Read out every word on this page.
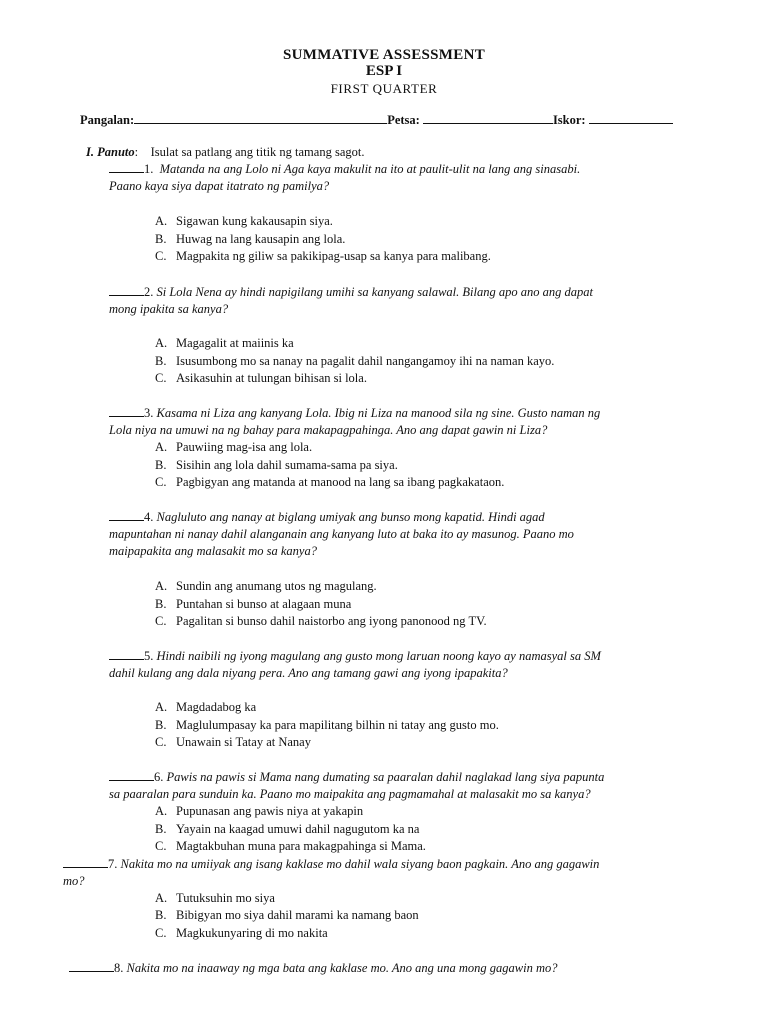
SUMMATIVE ASSESSMENT
ESP I
FIRST QUARTER
Pangalan:	Petsa:	Iskor:
I. Panuto: Isulat sa patlang ang titik ng tamang sagot.
1. Matanda na ang Lolo ni Aga kaya makulit na ito at paulit-ulit na lang ang sinasabi.
Paano kaya siya dapat itatrato ng pamilya?
A. Sigawan kung kakausapin siya.
B. Huwag na lang kausapin ang lola.
C. Magpakita ng giliw sa pakikipag-usap sa kanya para malibang.
2. Si Lola Nena ay hindi napigilang umihi sa kanyang salawal. Bilang apo ano ang dapat
mong ipakita sa kanya?
A. Magagalit at maiinis ka
B. Isusumbong mo sa nanay na pagalit dahil nangangamoy ihi na naman kayo.
C. Asikasuhin at tulungan bihisan si lola.
3. Kasama ni Liza ang kanyang Lola. Ibig ni Liza na manood sila ng sine. Gusto naman ng
Lola niya na umuwi na ng bahay para makapagpahinga. Ano ang dapat gawin ni Liza?
A. Pauwiing mag-isa ang lola.
B. Sisihin ang lola dahil sumama-sama pa siya.
C. Pagbigyan ang matanda at manood na lang sa ibang pagkakataon.
4. Nagluluto ang nanay at biglang umiyak ang bunso mong kapatid. Hindi agad
mapuntahan ni nanay dahil alanganain ang kanyang luto at baka ito ay masunog. Paano mo
maipapakita ang malasakit mo sa kanya?
A. Sundin ang anumang utos ng magulang.
B. Puntahan si bunso at alagaan muna
C. Pagalitan si bunso dahil naistorbo ang iyong panonood ng TV.
5. Hindi naibili ng iyong magulang ang gusto mong laruan noong kayo ay namasyal sa SM
dahil kulang ang dala niyang pera. Ano ang tamang gawi ang iyong ipapakita?
A. Magdadabog ka
B. Maglulumpasay ka para mapilitang bilhin ni tatay ang gusto mo.
C. Unawain si Tatay at Nanay
6. Pawis na pawis si Mama nang dumating sa paaralan dahil naglakad lang siya papunta
sa paaralan para sunduin ka. Paano mo maipakita ang pagmamahal at malasakit mo sa kanya?
A. Pupunasan ang pawis niya at yakapin
B. Yayain na kaagad umuwi dahil nagugutom ka na
C. Magtakbuhan muna para makagpahinga si Mama.
7. Nakita mo na umiiyak ang isang kaklase mo dahil wala siyang baon pagkain. Ano ang gagawin
mo?
A. Tutuksuhin mo siya
B. Bibigyan mo siya dahil marami ka namang baon
C. Magkukunyaring di mo nakita
8. Nakita mo na inaaway ng mga bata ang kaklase mo. Ano ang una mong gagawin mo?
